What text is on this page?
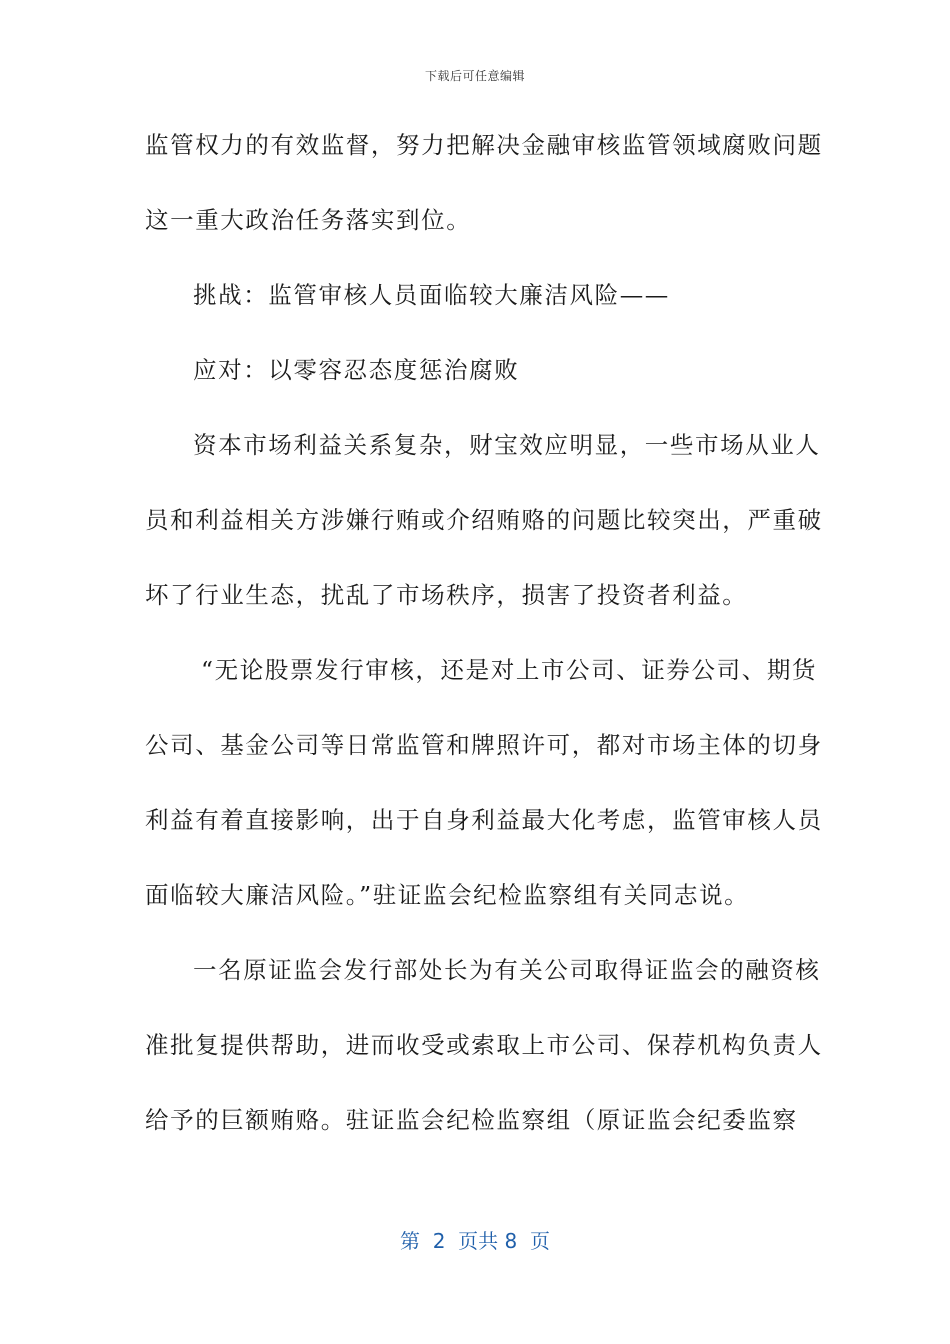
下载后可任意编辑
监管权力的有效监督，努力把解决金融审核监管领域腐败问题
这一重大政治任务落实到位。
挑战：监管审核人员面临较大廉洁风险——
应对：以零容忍态度惩治腐败
资本市场利益关系复杂，财宝效应明显，一些市场从业人
员和利益相关方涉嫌行贿或介绍贿赂的问题比较突出，严重破
坏了行业生态，扰乱了市场秩序，损害了投资者利益。
“无论股票发行审核，还是对上市公司、证券公司、期货
公司、基金公司等日常监管和牌照许可，都对市场主体的切身
利益有着直接影响，出于自身利益最大化考虑，监管审核人员
面临较大廉洁风险。”驻证监会纪检监察组有关同志说。
一名原证监会发行部处长为有关公司取得证监会的融资核
准批复提供帮助，进而收受或索取上市公司、保荐机构负责人
给予的巨额贿赂。驻证监会纪检监察组（原证监会纪委监察
第  2  页共 8  页
